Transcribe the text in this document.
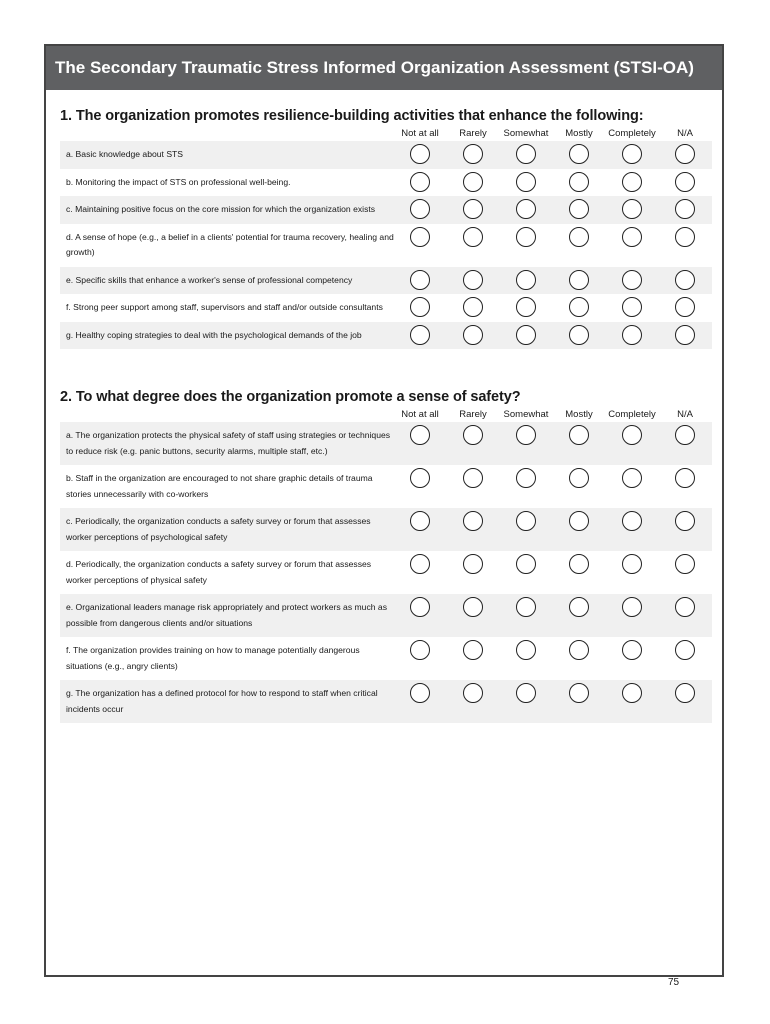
The Secondary Traumatic Stress Informed Organization Assessment (STSI-OA)
1. The organization promotes resilience-building activities that enhance the following:
Not at all Rarely Somewhat Mostly Completely N/A
a. Basic knowledge about STS
b. Monitoring the impact of STS on professional well-being.
c. Maintaining positive focus on the core mission for which the organization exists
d. A sense of hope (e.g., a belief in a clients' potential for trauma recovery, healing and growth)
e. Specific skills that enhance a worker's sense of professional competency
f. Strong peer support among staff, supervisors and staff and/or outside consultants
g. Healthy coping strategies to deal with the psychological demands of the job
2. To what degree does the organization promote a sense of safety?
Not at all Rarely Somewhat Mostly Completely N/A
a. The organization protects the physical safety of staff using strategies or techniques to reduce risk (e.g. panic buttons, security alarms, multiple staff, etc.)
b. Staff in the organization are encouraged to not share graphic details of trauma stories unnecessarily with co-workers
c. Periodically, the organization conducts a safety survey or forum that assesses worker perceptions of psychological safety
d. Periodically, the organization conducts a safety survey or forum that assesses worker perceptions of physical safety
e. Organizational leaders manage risk appropriately and protect workers as much as possible from dangerous clients and/or situations
f. The organization provides training on how to manage potentially dangerous situations (e.g., angry clients)
g. The organization has a defined protocol for how to respond to staff when critical incidents occur
75
